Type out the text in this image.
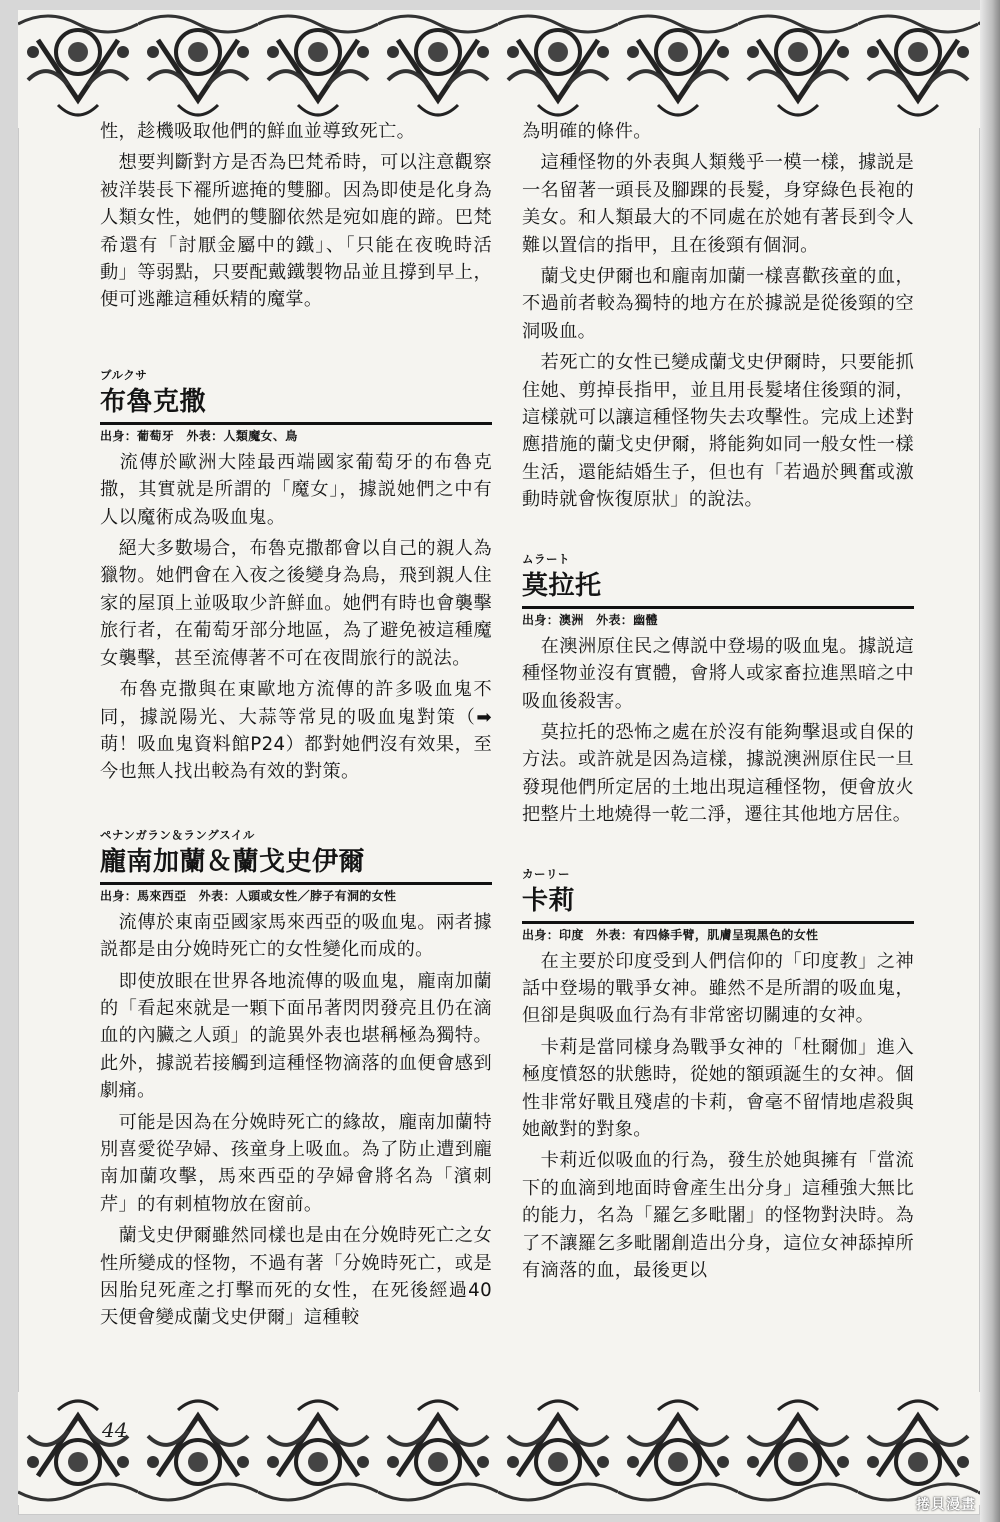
性，趁機吸取他們的鮮血並導致死亡。

　想要判斷對方是否為巴梵希時，可以注意觀察被洋裝長下襬所遮掩的雙腳。因為即使是化身為人類女性，她們的雙腳依然是宛如鹿的蹄。巴梵希還有「討厭金屬中的鐵」、「只能在夜晚時活動」等弱點，只要配戴鐵製物品並且撐到早上，便可逃離這種妖精的魔掌。

ブルクサ

布魯克撒

出身：葡萄牙　外表：人類魔女、鳥

　流傳於歐洲大陸最西端國家葡萄牙的布魯克撒，其實就是所謂的「魔女」，據説她們之中有人以魔術成為吸血鬼。

　絕大多數場合，布魯克撒都會以自己的親人為獵物。她們會在入夜之後變身為鳥，飛到親人住家的屋頂上並吸取少許鮮血。她們有時也會襲擊旅行者，在葡萄牙部分地區，為了避免被這種魔女襲擊，甚至流傳著不可在夜間旅行的説法。

　布魯克撒與在東歐地方流傳的許多吸血鬼不同，據説陽光、大蒜等常見的吸血鬼對策（➡萌！吸血鬼資料館P24）都對她們沒有效果，至今也無人找出較為有效的對策。

ペナンガラン＆ラングスイル

龐南加蘭＆蘭戈史伊爾

出身：馬來西亞　外表：人頭或女性／脖子有洞的女性

　流傳於東南亞國家馬來西亞的吸血鬼。兩者據説都是由分娩時死亡的女性變化而成的。

　即使放眼在世界各地流傳的吸血鬼，龐南加蘭的「看起來就是一顆下面吊著閃閃發亮且仍在滴血的內臟之人頭」的詭異外表也堪稱極為獨特。此外，據説若接觸到這種怪物滴落的血便會感到劇痛。

　可能是因為在分娩時死亡的緣故，龐南加蘭特別喜愛從孕婦、孩童身上吸血。為了防止遭到龐南加蘭攻擊，馬來西亞的孕婦會將名為「濱刺芹」的有刺植物放在窗前。

　蘭戈史伊爾雖然同樣也是由在分娩時死亡之女性所變成的怪物，不過有著「分娩時死亡，或是因胎兒死產之打擊而死的女性，在死後經過40天便會變成蘭戈史伊爾」這種較

為明確的條件。

　這種怪物的外表與人類幾乎一模一樣，據説是一名留著一頭長及腳踝的長髮，身穿綠色長袍的美女。和人類最大的不同處在於她有著長到令人難以置信的指甲，且在後頸有個洞。

　蘭戈史伊爾也和龐南加蘭一樣喜歡孩童的血，不過前者較為獨特的地方在於據説是從後頸的空洞吸血。

　若死亡的女性已變成蘭戈史伊爾時，只要能抓住她、剪掉長指甲，並且用長髮堵住後頸的洞，這樣就可以讓這種怪物失去攻擊性。完成上述對應措施的蘭戈史伊爾，將能夠如同一般女性一樣生活，還能結婚生子，但也有「若過於興奮或激動時就會恢復原狀」的說法。

ムラート

莫拉托

出身：澳洲　外表：幽體

　在澳洲原住民之傳説中登場的吸血鬼。據説這種怪物並沒有實體，會將人或家畜拉進黑暗之中吸血後殺害。

　莫拉托的恐怖之處在於沒有能夠擊退或自保的方法。或許就是因為這樣，據説澳洲原住民一旦發現他們所定居的土地出現這種怪物，便會放火把整片土地燒得一乾二淨，遷往其他地方居住。

カーリー

卡莉

出身：印度　外表：有四條手臂，肌膚呈現黑色的女性

　在主要於印度受到人們信仰的「印度教」之神話中登場的戰爭女神。雖然不是所謂的吸血鬼，但卻是與吸血行為有非常密切關連的女神。

　卡莉是當同樣身為戰爭女神的「杜爾伽」進入極度憤怒的狀態時，從她的額頭誕生的女神。個性非常好戰且殘虐的卡莉，會毫不留情地虐殺與她敵對的對象。

　卡莉近似吸血的行為，發生於她與擁有「當流下的血滴到地面時會產生出分身」這種強大無比的能力，名為「羅乞多毗闍」的怪物對決時。為了不讓羅乞多毗闍創造出分身，這位女神舔掉所有滴落的血，最後更以

44
捲貝漫畫
